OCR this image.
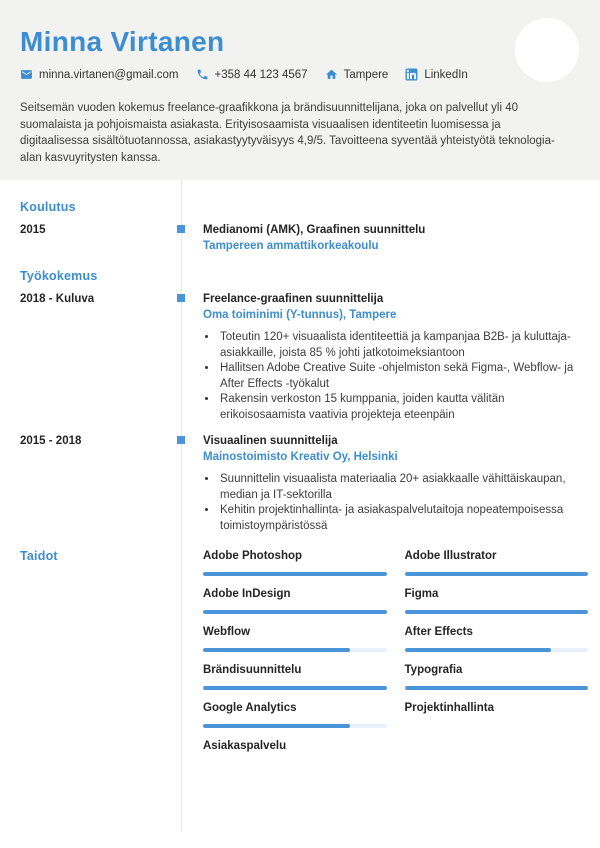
Minna Virtanen
minna.virtanen@gmail.com	+358 44 123 4567	Tampere	LinkedIn

Seitsemän vuoden kokemus freelance-graafikkona ja brändisuunnittelijana, joka on palvellut yli 40 suomalaista ja pohjoismaista asiakasta. Erityisosaamista visuaalisen identiteetin luomisessa ja digitaalisessa sisältötuotannossa, asiakastyytyväisyys 4,9/5. Tavoitteena syventää yhteistyötä teknologia-alan kasvuyritysten kanssa.

Koulutus
2015	Medianomi (AMK), Graafinen suunnittelu
Tampereen ammattikorkeakoulu
Työkokemus
2018 - Kuluva	Freelance-graafinen suunnittelija
Oma toiminimi (Y-tunnus), Tampere
• Toteutin 120+ visuaalista identiteettiä ja kampanjaa B2B- ja kuluttaja-asiakkaille, joista 85 % johti jatkotoimeksiantoon
• Hallitsen Adobe Creative Suite -ohjelmiston sekä Figma-, Webflow- ja After Effects -työkalut
• Rakensin verkoston 15 kumppania, joiden kautta välitän erikoisosaamista vaativia projekteja eteenpäin
2015 - 2018	Visuaalinen suunnittelija
Mainostoimisto Kreativ Oy, Helsinki
• Suunnittelin visuaalista materiaalia 20+ asiakkaalle vähittäiskaupan, median ja IT-sektorilla
• Kehitin projektinhallinta- ja asiakaspalvelutaitoja nopeatempoisessa toimistoympäristössä
Taidot	Adobe Photoshop	Adobe Illustrator
Adobe InDesign	Figma
Webflow	After Effects
Brändisuunnittelu	Typografia
Google Analytics	Projektinhallinta
Asiakaspalvelu
